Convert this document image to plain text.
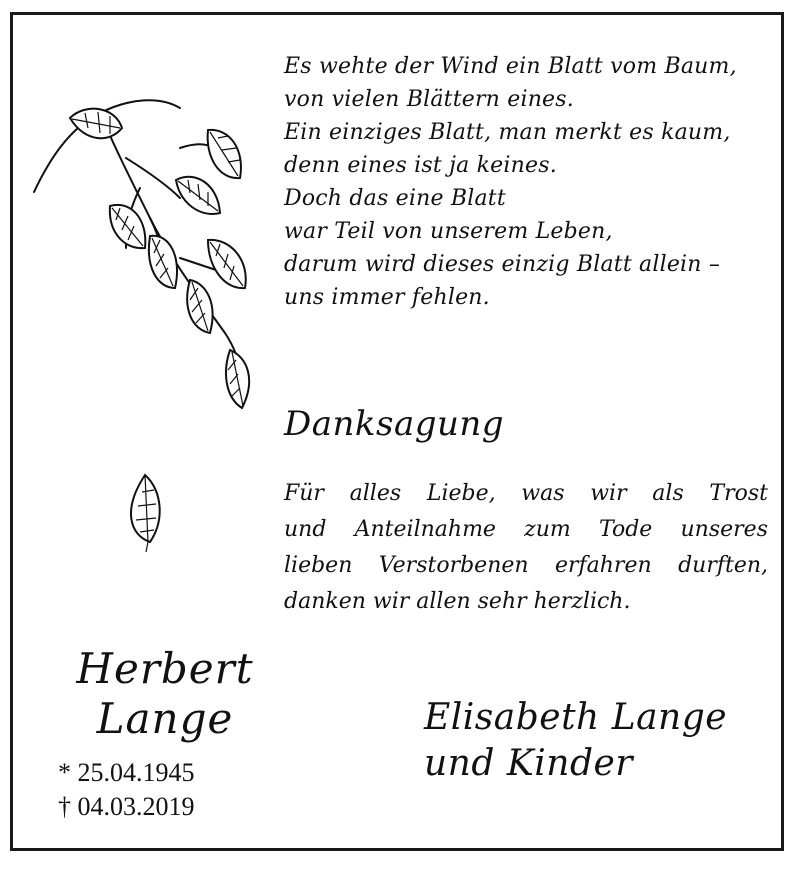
Es wehte der Wind ein Blatt vom Baum,
von vielen Blättern eines.
Ein einziges Blatt, man merkt es kaum,
denn eines ist ja keines.
Doch das eine Blatt
war Teil von unserem Leben,
darum wird dieses einzig Blatt allein –
uns immer fehlen.
Danksagung
Für alles Liebe, was wir als Trost
und Anteilnahme zum Tode unseres
lieben Verstorbenen erfahren durften,
danken wir allen sehr herzlich.
Herbert
Lange
* 25.04.1945
† 04.03.2019
Elisabeth Lange
und Kinder
